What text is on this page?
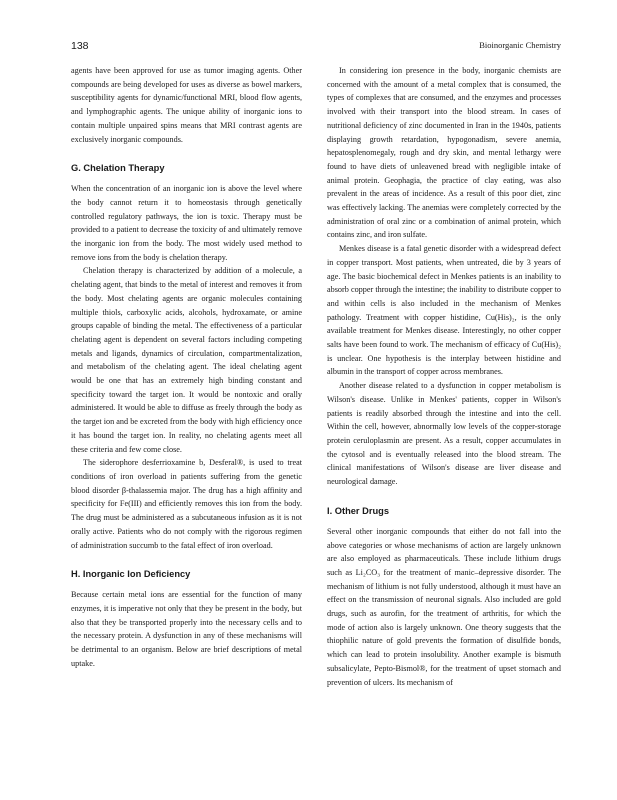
138	Bioinorganic Chemistry

agents have been approved for use as tumor imaging agents. Other compounds are being developed for uses as diverse as bowel markers, susceptibility agents for dynamic/functional MRI, blood flow agents, and lymphographic agents. The unique ability of inorganic ions to contain multiple unpaired spins means that MRI contrast agents are exclusively inorganic compounds.

G. Chelation Therapy

When the concentration of an inorganic ion is above the level where the body cannot return it to homeostasis through genetically controlled regulatory pathways, the ion is toxic. Therapy must be provided to a patient to decrease the toxicity of and ultimately remove the inorganic ion from the body. The most widely used method to remove ions from the body is chelation therapy.

Chelation therapy is characterized by addition of a molecule, a chelating agent, that binds to the metal of interest and removes it from the body. Most chelating agents are organic molecules containing multiple thiols, carboxylic acids, alcohols, hydroxamate, or amine groups capable of binding the metal. The effectiveness of a particular chelating agent is dependent on several factors including competing metals and ligands, dynamics of circulation, compartmentalization, and metabolism of the chelating agent. The ideal chelating agent would be one that has an extremely high binding constant and specificity toward the target ion. It would be nontoxic and orally administered. It would be able to diffuse as freely through the body as the target ion and be excreted from the body with high efficiency once it has bound the target ion. In reality, no chelating agents meet all these criteria and few come close.

The siderophore desferrioxamine b, Desferal®, is used to treat conditions of iron overload in patients suffering from the genetic blood disorder β-thalassemia major. The drug has a high affinity and specificity for Fe(III) and efficiently removes this ion from the body. The drug must be administered as a subcutaneous infusion as it is not orally active. Patients who do not comply with the rigorous regimen of administration succumb to the fatal effect of iron overload.

H. Inorganic Ion Deficiency

Because certain metal ions are essential for the function of many enzymes, it is imperative not only that they be present in the body, but also that they be transported properly into the necessary cells and to the necessary protein. A dysfunction in any of these mechanisms will be detrimental to an organism. Below are brief descriptions of metal uptake.

In considering ion presence in the body, inorganic chemists are concerned with the amount of a metal complex that is consumed, the types of complexes that are consumed, and the enzymes and processes involved with their transport into the blood stream. In cases of nutritional deficiency of zinc documented in Iran in the 1940s, patients displaying growth retardation, hypogonadism, severe anemia, hepatosplenomegaly, rough and dry skin, and mental lethargy were found to have diets of unleavened bread with negligible intake of animal protein. Geophagia, the practice of clay eating, was also prevalent in the areas of incidence. As a result of this poor diet, zinc was effectively lacking. The anemias were completely corrected by the administration of oral zinc or a combination of animal protein, which contains zinc, and iron sulfate.

Menkes disease is a fatal genetic disorder with a widespread defect in copper transport. Most patients, when untreated, die by 3 years of age. The basic biochemical defect in Menkes patients is an inability to absorb copper through the intestine; the inability to distribute copper to and within cells is also included in the mechanism of Menkes pathology. Treatment with copper histidine, Cu(His)₂, is the only available treatment for Menkes disease. Interestingly, no other copper salts have been found to work. The mechanism of efficacy of Cu(His)₂ is unclear. One hypothesis is the interplay between histidine and albumin in the transport of copper across membranes.

Another disease related to a dysfunction in copper metabolism is Wilson's disease. Unlike in Menkes' patients, copper in Wilson's patients is readily absorbed through the intestine and into the cell. Within the cell, however, abnormally low levels of the copper-storage protein ceruloplasmin are present. As a result, copper accumulates in the cytosol and is eventually released into the blood stream. The clinical manifestations of Wilson's disease are liver disease and neurological damage.

I. Other Drugs

Several other inorganic compounds that either do not fall into the above categories or whose mechanisms of action are largely unknown are also employed as pharmaceuticals. These include lithium drugs such as Li₂CO₃ for the treatment of manic–depressive disorder. The mechanism of lithium is not fully understood, although it must have an effect on the transmission of neuronal signals. Also included are gold drugs, such as aurofin, for the treatment of arthritis, for which the mode of action also is largely unknown. One theory suggests that the thiophilic nature of gold prevents the formation of disulfide bonds, which can lead to protein insolubility. Another example is bismuth subsalicylate, Pepto-Bismol®, for the treatment of upset stomach and prevention of ulcers. Its mechanism of
